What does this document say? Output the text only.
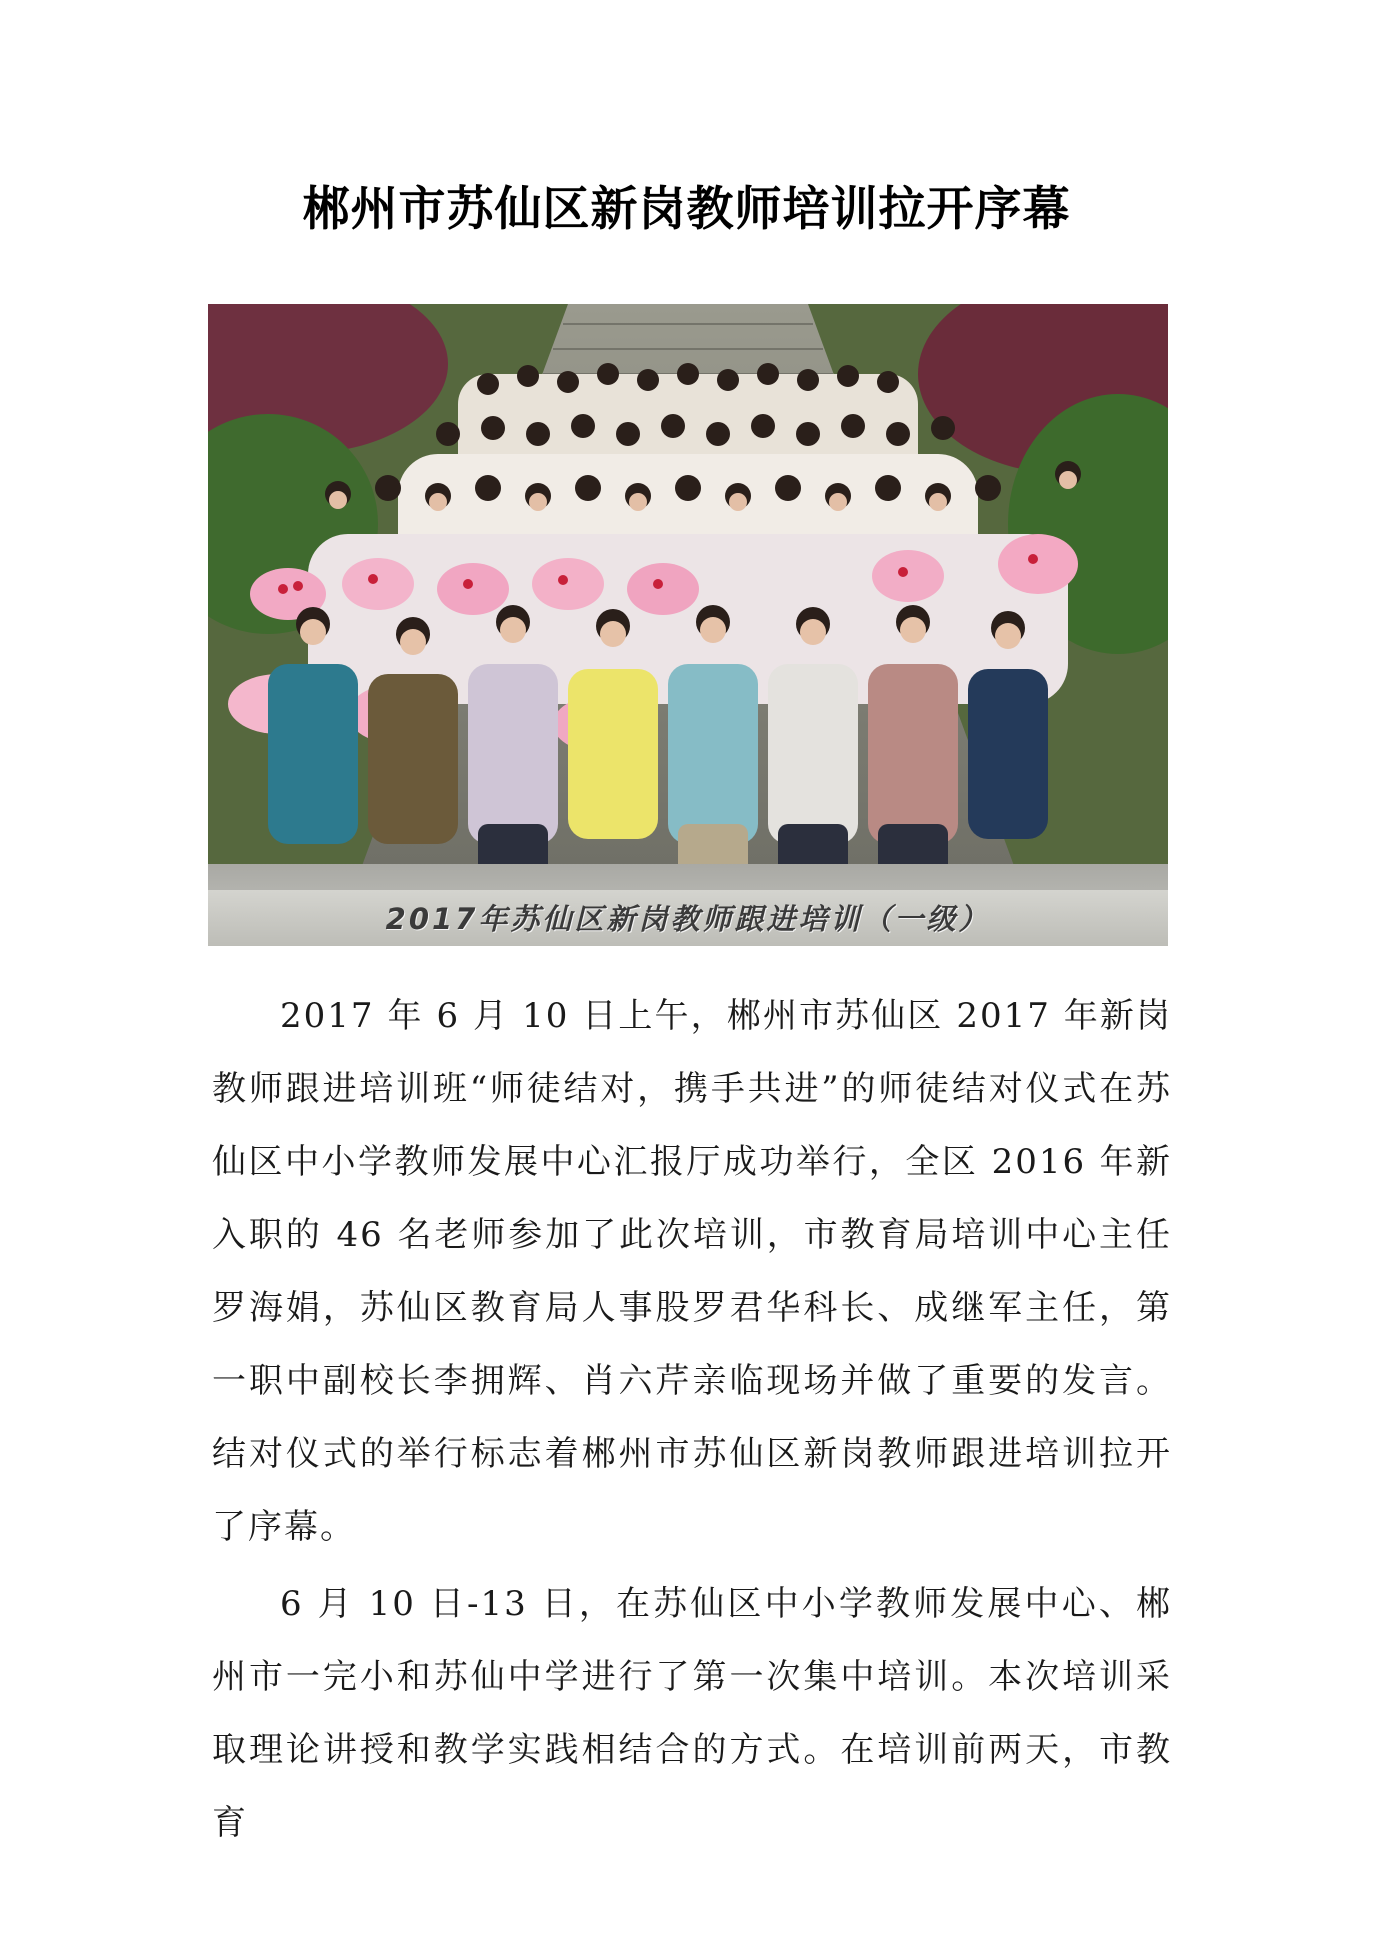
郴州市苏仙区新岗教师培训拉开序幕
2017年苏仙区新岗教师跟进培训（一级）

2017 年 6 月 10 日上午，郴州市苏仙区 2017 年新岗教师跟进培训班“师徒结对，携手共进”的师徒结对仪式在苏仙区中小学教师发展中心汇报厅成功举行，全区 2016 年新入职的 46 名老师参加了此次培训，市教育局培训中心主任罗海娟，苏仙区教育局人事股罗君华科长、成继军主任，第一职中副校长李拥辉、肖六芹亲临现场并做了重要的发言。结对仪式的举行标志着郴州市苏仙区新岗教师跟进培训拉开了序幕。

6 月 10 日-13 日，在苏仙区中小学教师发展中心、郴州市一完小和苏仙中学进行了第一次集中培训。本次培训采取理论讲授和教学实践相结合的方式。在培训前两天，市教育
